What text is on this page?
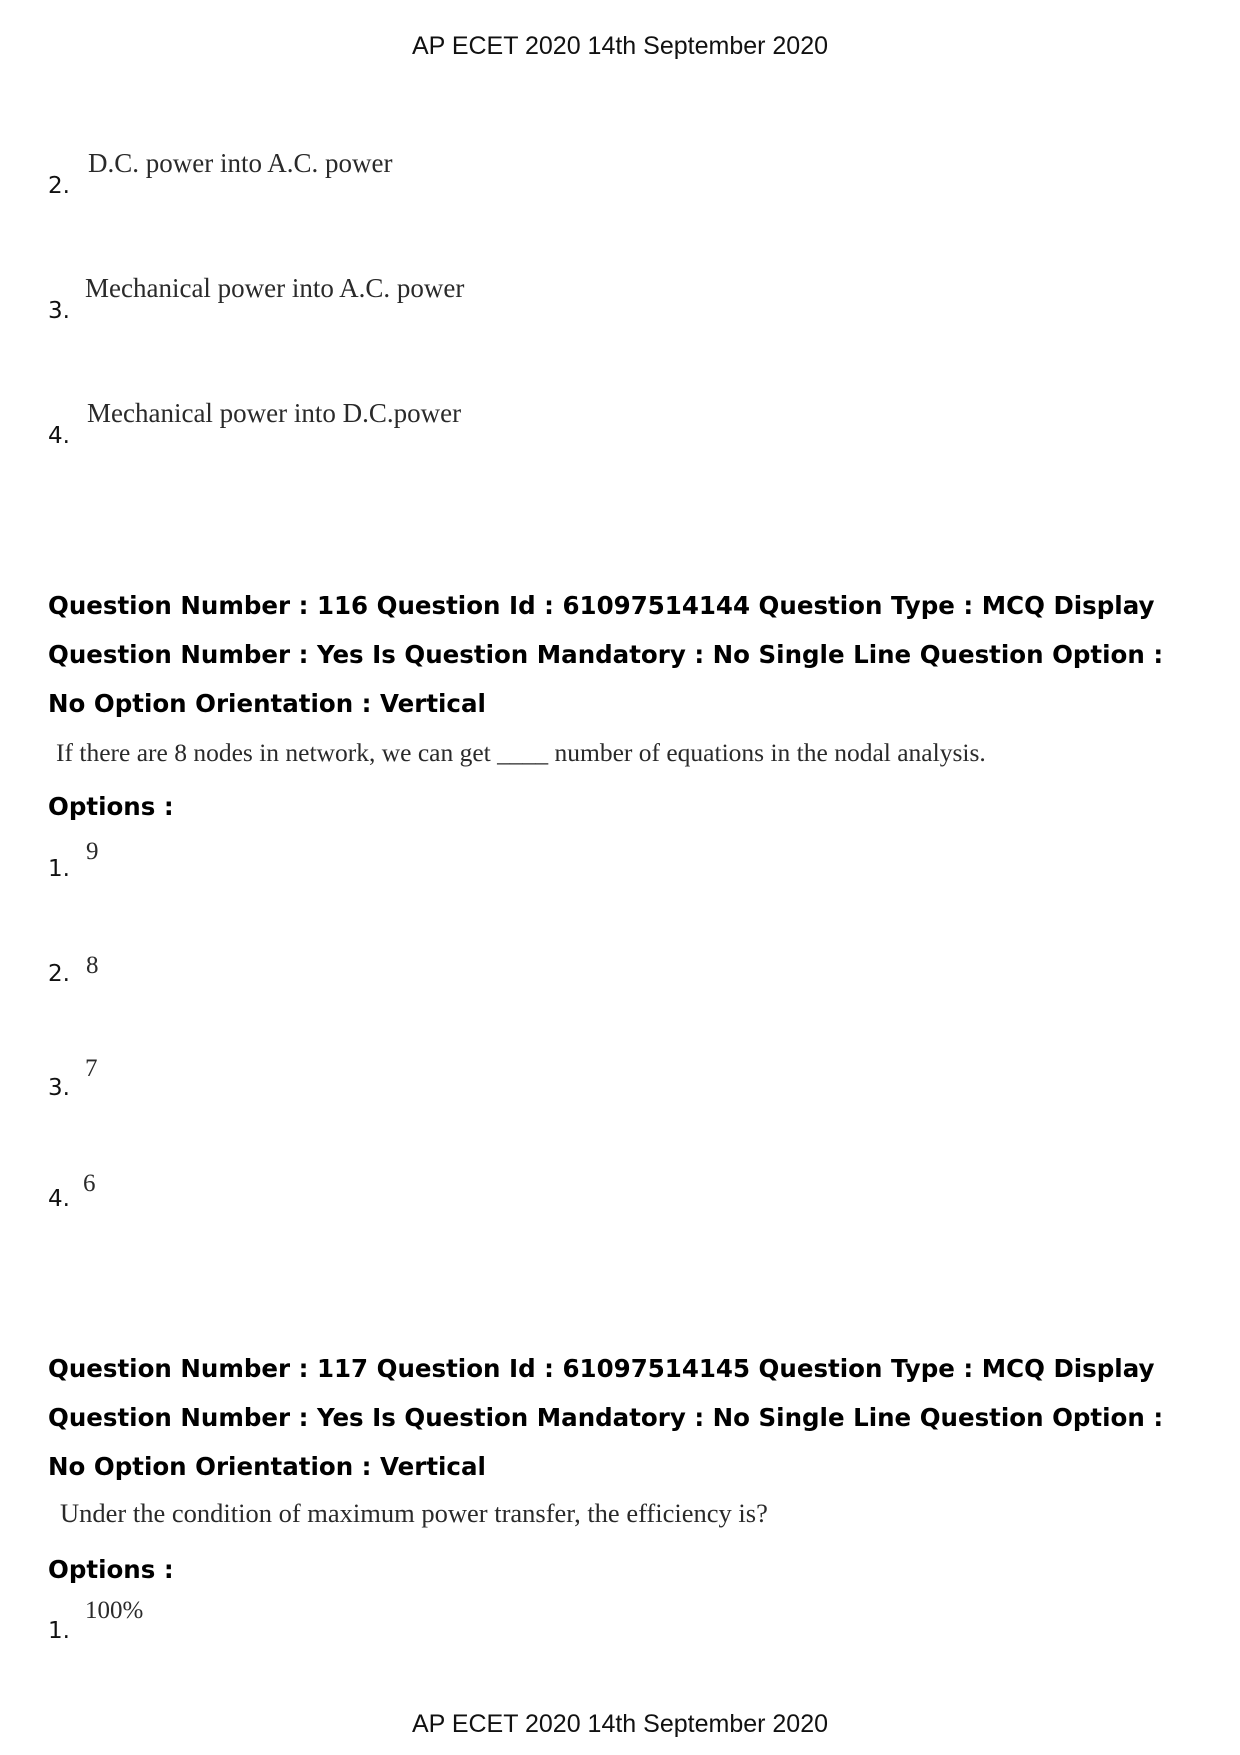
AP ECET 2020 14th September 2020
2.
D.C. power into A.C. power
3.
Mechanical power into A.C. power
4.
Mechanical power into D.C.power
Question Number : 116 Question Id : 61097514144 Question Type : MCQ Display Question Number : Yes Is Question Mandatory : No Single Line Question Option : No Option Orientation : Vertical
If there are 8 nodes in network, we can get ____ number of equations in the nodal analysis.
Options :
1.
9
2. 8
3.
7
4.
6
Question Number : 117 Question Id : 61097514145 Question Type : MCQ Display Question Number : Yes Is Question Mandatory : No Single Line Question Option : No Option Orientation : Vertical
Under the condition of maximum power transfer, the efficiency is?
Options :
1.
100%
AP ECET 2020 14th September 2020
